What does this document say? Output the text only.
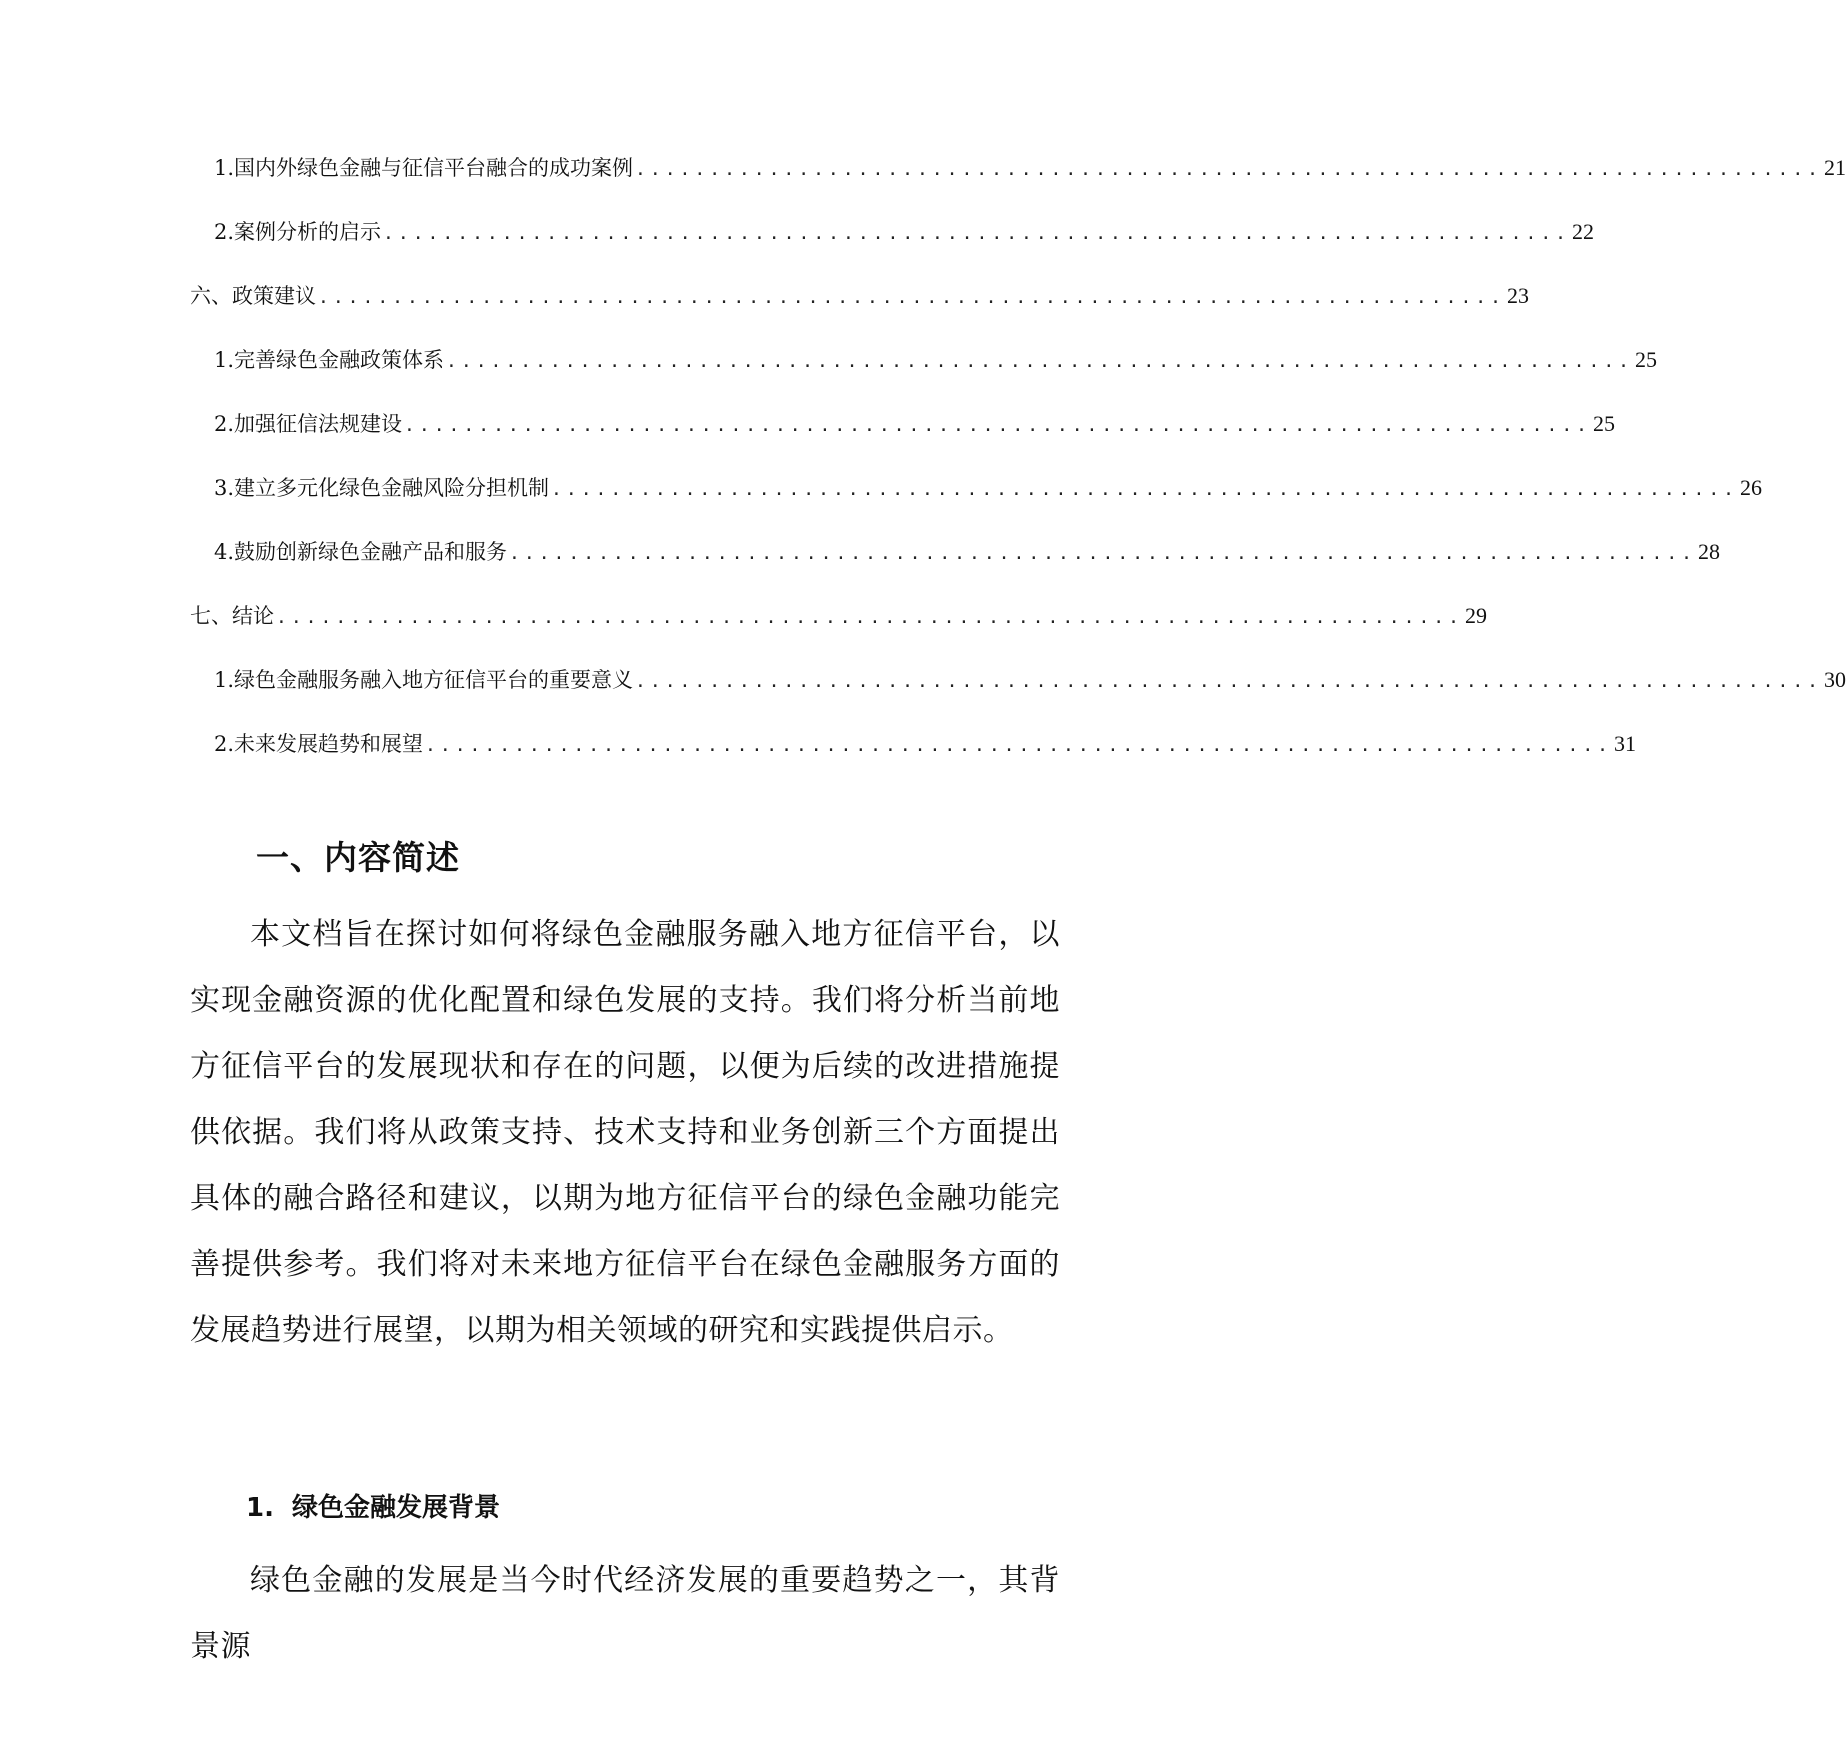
1. 国内外绿色金融与征信平台融合的成功案例 ................................................................................ 21
2. 案例分析的启示 ................................................................................ 22
六、政策建议 ................................................................................ 23
1. 完善绿色金融政策体系 ................................................................................ 25
2. 加强征信法规建设 ................................................................................ 25
3. 建立多元化绿色金融风险分担机制 ................................................................................ 26
4. 鼓励创新绿色金融产品和服务 ................................................................................ 28
七、结论 ................................................................................ 29
1. 绿色金融服务融入地方征信平台的重要意义 ................................................................................ 30
2. 未来发展趋势和展望 ................................................................................ 31
一、内容简述

本文档旨在探讨如何将绿色金融服务融入地方征信平台，以实现金融资源的优化配置和绿色发展的支持。我们将分析当前地方征信平台的发展现状和存在的问题，以便为后续的改进措施提供依据。我们将从政策支持、技术支持和业务创新三个方面提出具体的融合路径和建议，以期为地方征信平台的绿色金融功能完善提供参考。我们将对未来地方征信平台在绿色金融服务方面的发展趋势进行展望，以期为相关领域的研究和实践提供启示。

1. 绿色金融发展背景

绿色金融的发展是当今时代经济发展的重要趋势之一，其背景源
